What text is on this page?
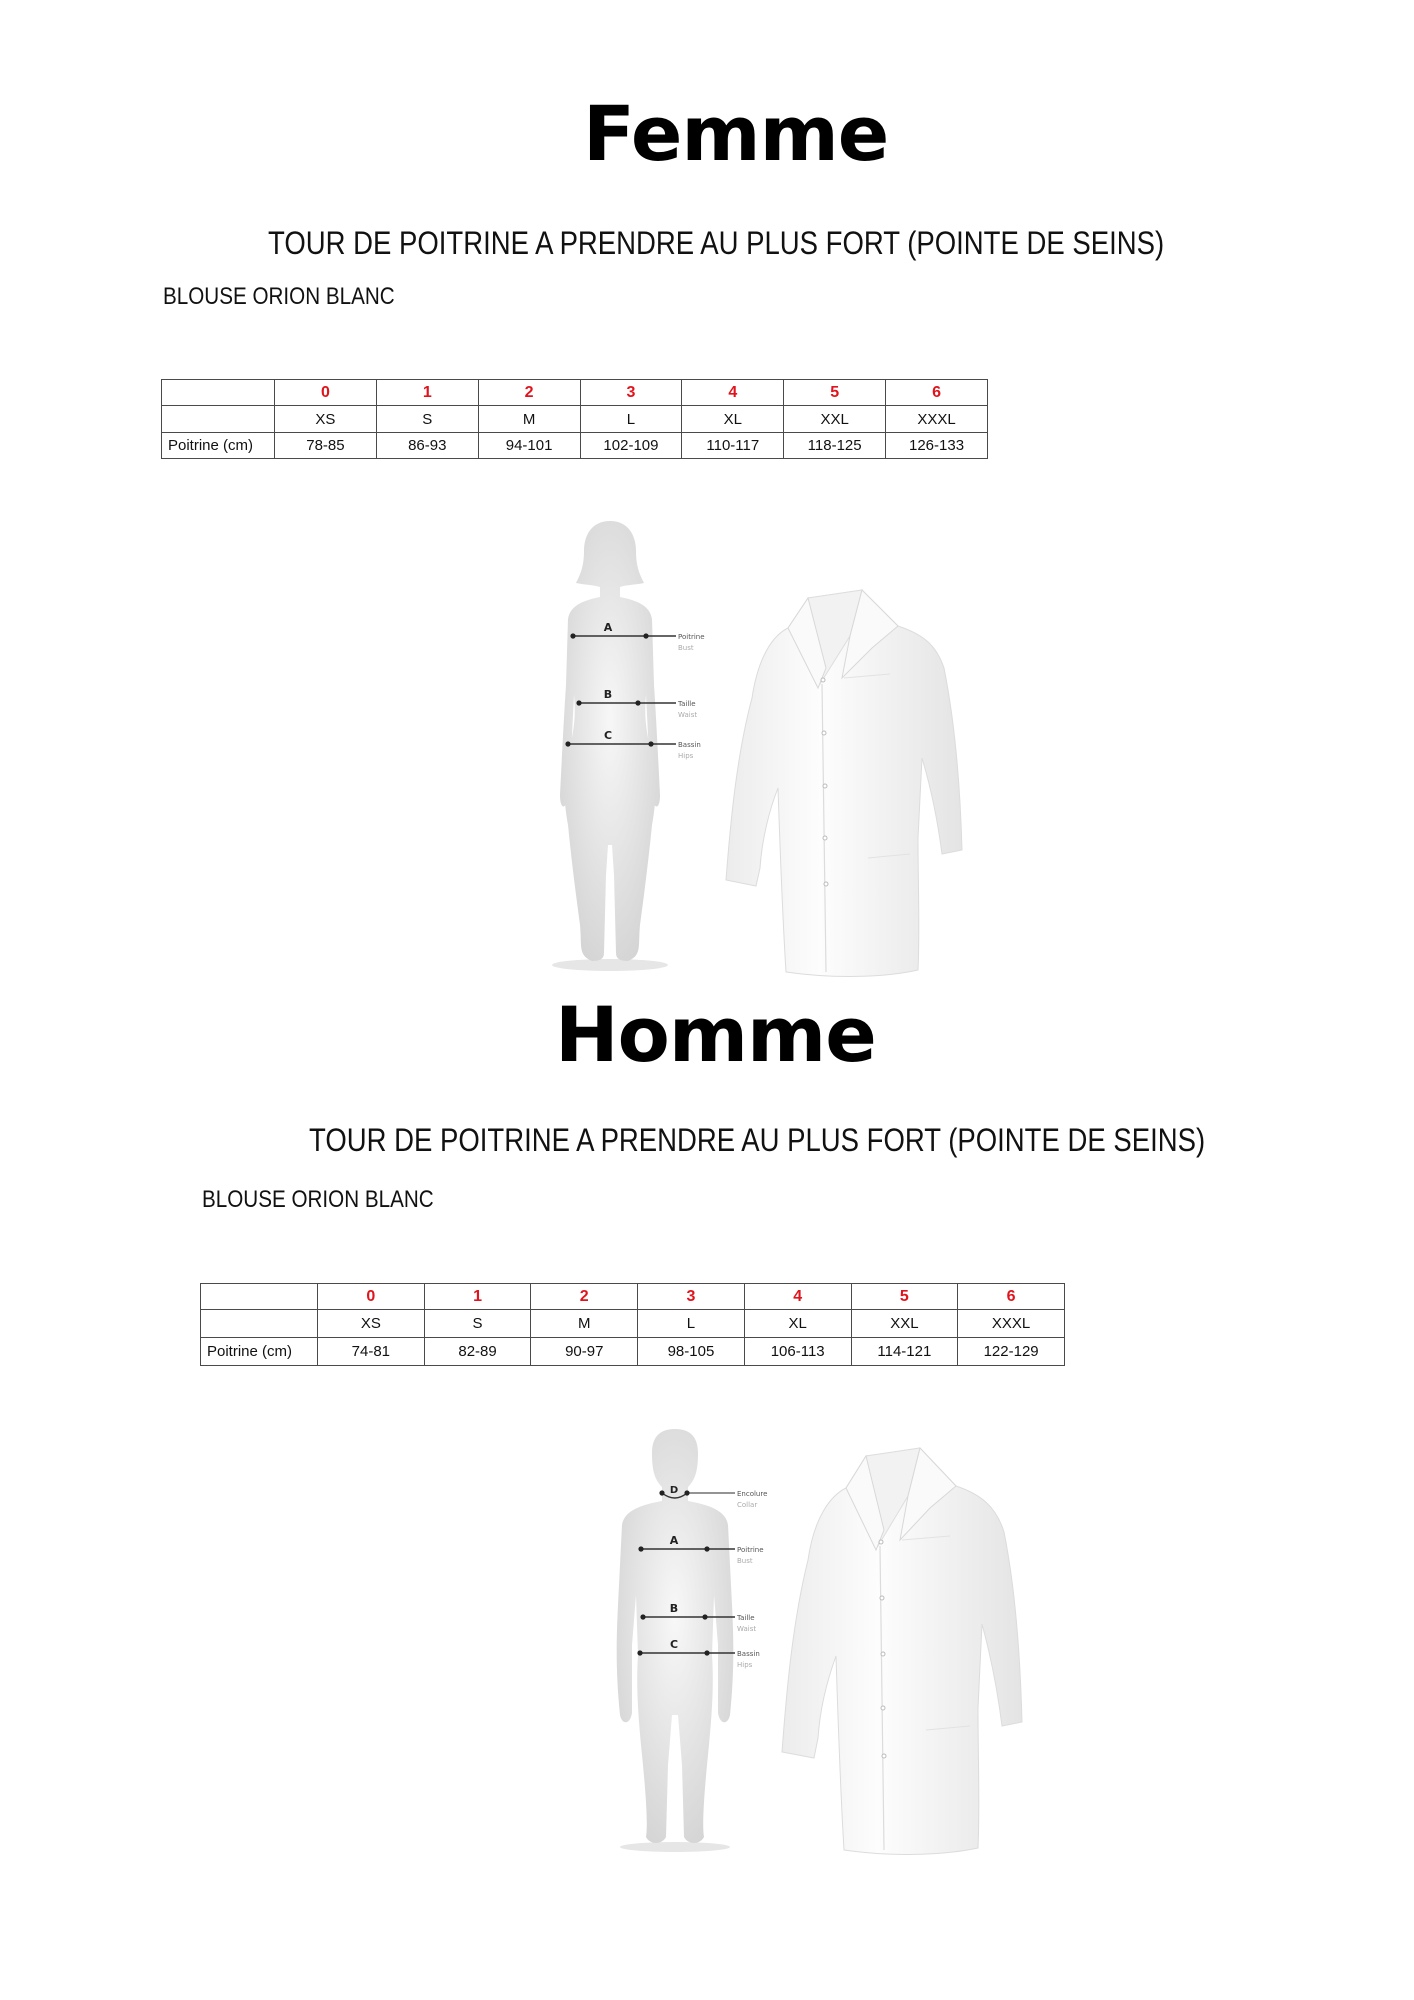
Femme
TOUR DE POITRINE A PRENDRE AU PLUS FORT (POINTE DE SEINS)
BLOUSE ORION BLANC
	0	1	2	3	4	5	6
	XS	S	M	L	XL	XXL	XXXL
Poitrine (cm)	78-85	86-93	94-101	102-109	110-117	118-125	126-133
A
Poitrine
Bust
B
Taille
Waist
C
Bassin
Hips
Homme
TOUR DE POITRINE A PRENDRE AU PLUS FORT (POINTE DE SEINS)
BLOUSE ORION BLANC
	0	1	2	3	4	5	6
	XS	S	M	L	XL	XXL	XXXL
Poitrine (cm)	74-81	82-89	90-97	98-105	106-113	114-121	122-129
D	Encolure
Collar
A
Poitrine
Bust
B
Taille
Waist
C
Bassin
Hips
